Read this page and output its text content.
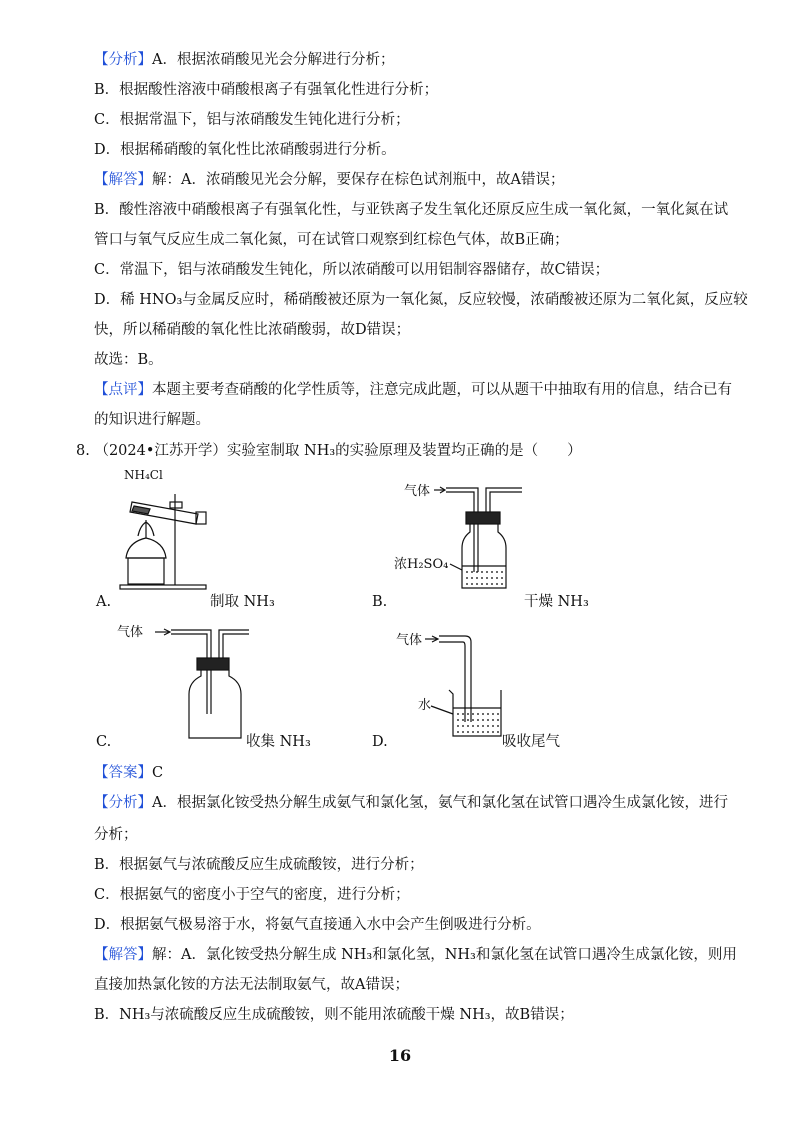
【分析】A．根据浓硝酸见光会分解进行分析；
B．根据酸性溶液中硝酸根离子有强氧化性进行分析；
C．根据常温下，铝与浓硝酸发生钝化进行分析；
D．根据稀硝酸的氧化性比浓硝酸弱进行分析。
【解答】解：A．浓硝酸见光会分解，要保存在棕色试剂瓶中，故A错误；
B．酸性溶液中硝酸根离子有强氧化性，与亚铁离子发生氧化还原反应生成一氧化氮，一氧化氮在试
管口与氧气反应生成二氧化氮，可在试管口观察到红棕色气体，故B正确；
C．常温下，铝与浓硝酸发生钝化，所以浓硝酸可以用铝制容器储存，故C错误；
D．稀 HNO₃与金属反应时，稀硝酸被还原为一氧化氮，反应较慢，浓硝酸被还原为二氧化氮，反应较
快，所以稀硝酸的氧化性比浓硝酸弱，故D错误；
故选：B。
【点评】本题主要考查硝酸的化学性质等，注意完成此题，可以从题干中抽取有用的信息，结合已有
的知识进行解题。
8. （2024•江苏开学）实验室制取 NH₃的实验原理及装置均正确的是（　　）
NH₄Cl
A.	制取 NH₃
气体
浓H₂SO₄
B.	干燥 NH₃
气体
C.	收集 NH₃
气体
水
D.	吸收尾气
【答案】C
【分析】A．根据氯化铵受热分解生成氨气和氯化氢，氨气和氯化氢在试管口遇冷生成氯化铵，进行
分析；
B．根据氨气与浓硫酸反应生成硫酸铵，进行分析；
C．根据氨气的密度小于空气的密度，进行分析；
D．根据氨气极易溶于水，将氨气直接通入水中会产生倒吸进行分析。
【解答】解：A．氯化铵受热分解生成 NH₃和氯化氢，NH₃和氯化氢在试管口遇冷生成氯化铵，则用
直接加热氯化铵的方法无法制取氨气，故A错误；
B．NH₃与浓硫酸反应生成硫酸铵，则不能用浓硫酸干燥 NH₃，故B错误；
16
